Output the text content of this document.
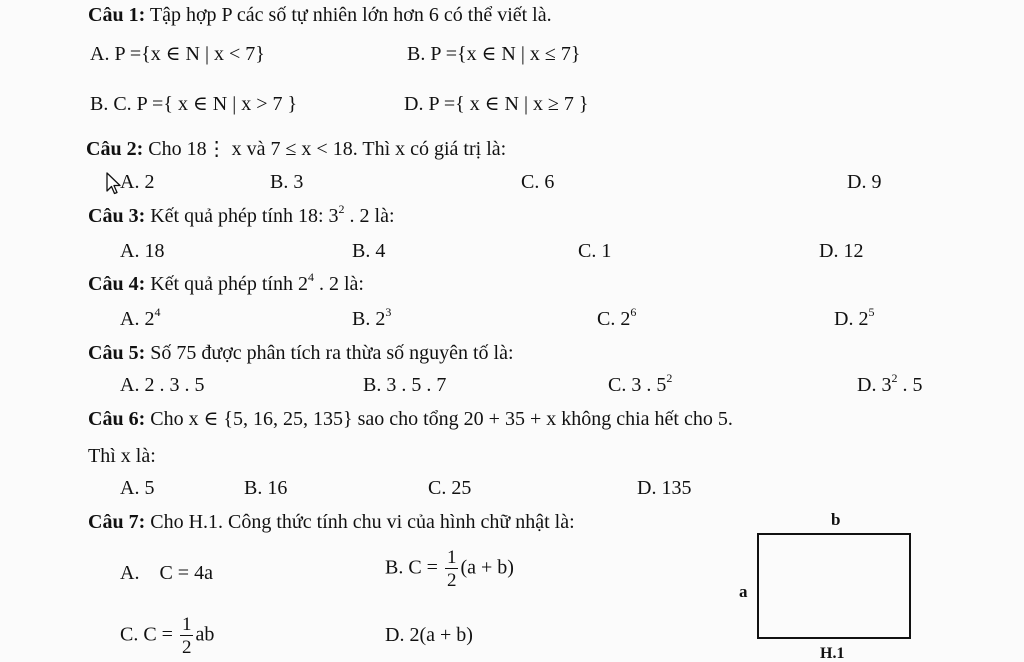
Câu 1: Tập hợp P các số tự nhiên lớn hơn 6 có thể viết là.
A. P ={x ∈ N | x < 7}	B. P ={x ∈ N | x ≤ 7}
B. C. P ={ x ∈ N | x > 7 }	D. P ={ x ∈ N | x ≥ 7 }
Câu 2: Cho 18⋮ x và 7 ≤ x < 18. Thì x có giá trị là:
A. 2	B. 3	C. 6	D. 9
Câu 3: Kết quả phép tính 18: $3^2$ . 2 là:
A. 18	B. 4	C. 1	D. 12
Câu 4: Kết quả phép tính $2^4$ . 2 là:
A. $2^4$	B. $2^3$	C. $2^6$	D. $2^5$
Câu 5: Số 75 được phân tích ra thừa số nguyên tố là:
A. 2 . 3 . 5	B. 3 . 5 . 7	C. 3 . $5^2$	D. $3^2$ . 5
Câu 6: Cho x ∈ {5, 16, 25, 135} sao cho tổng 20 + 35 + x không chia hết cho 5.
Thì x là:
A. 5	B. 16	C. 25	D. 135
Câu 7: Cho H.1. Công thức tính chu vi của hình chữ nhật là:
A.    C = 4a	B. $C = \frac{1}{2} (a + b)$
C. $C = \frac{1}{2}$ ab	D. 2(a + b)
b
a
H.1
